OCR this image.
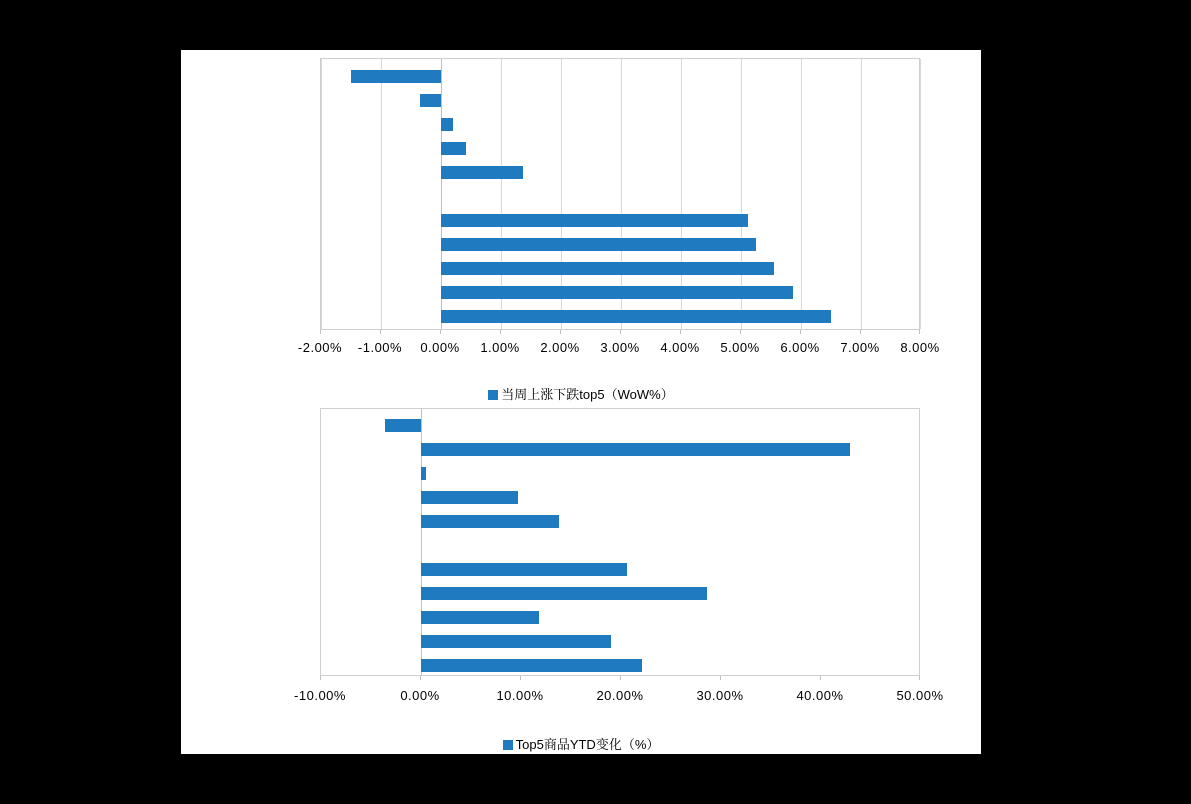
-2.00% -1.00% 0.00% 1.00% 2.00% 3.00% 4.00% 5.00% 6.00% 7.00% 8.00%
当周上涨下跌top5（WoW%）
-10.00%	0.00%	10.00%	20.00%	30.00%	40.00%	50.00%
Top5商品YTD变化（%）
